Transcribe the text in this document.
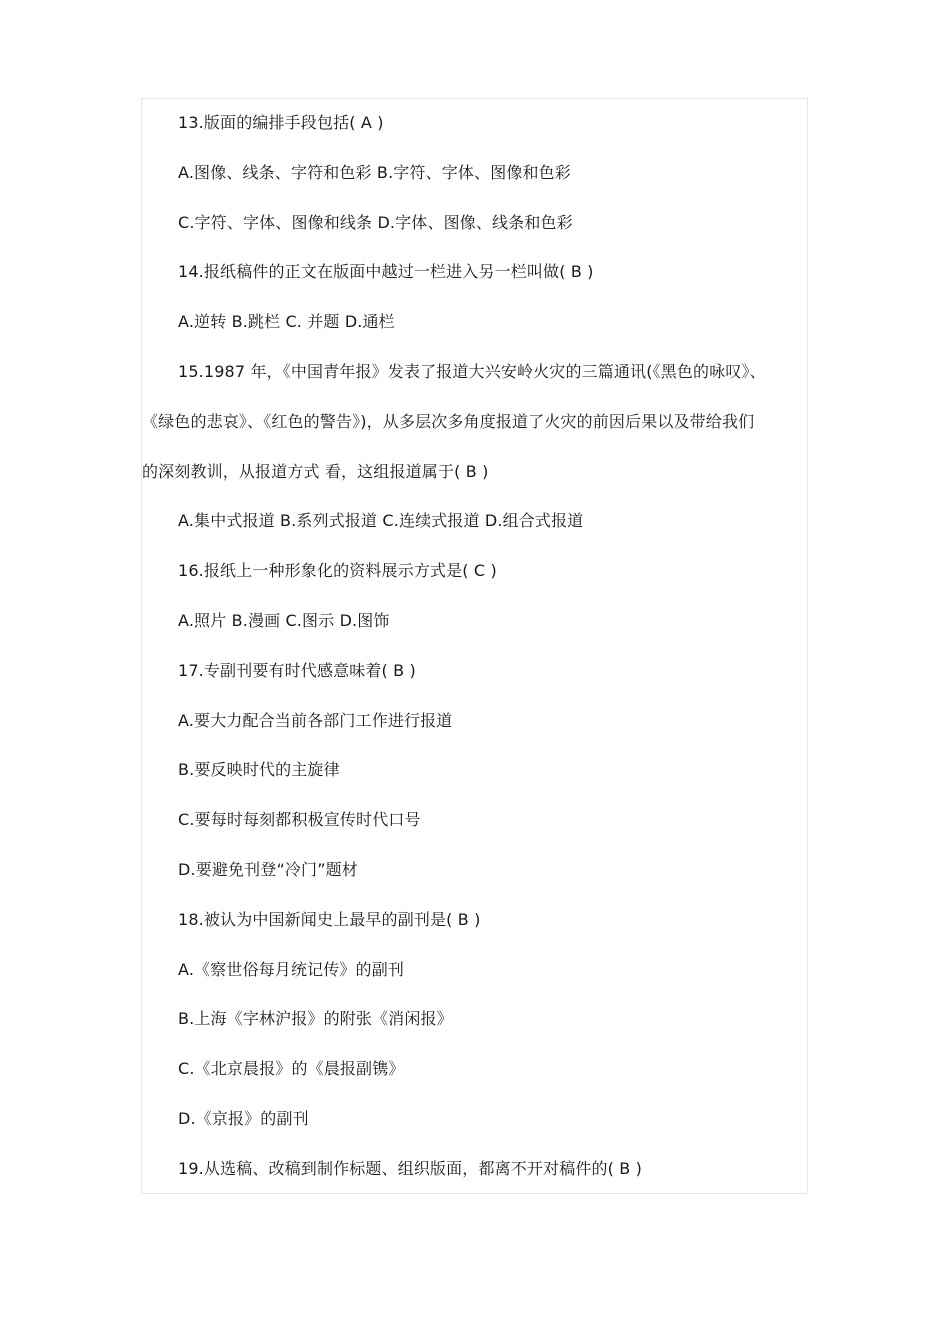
13.版面的编排手段包括( A )
A.图像、线条、字符和色彩 B.字符、字体、图像和色彩
C.字符、字体、图像和线条 D.字体、图像、线条和色彩
14.报纸稿件的正文在版面中越过一栏进入另一栏叫做( B )
A.逆转 B.跳栏 C. 并题 D.通栏
15.1987 年，《中国青年报》发表了报道大兴安岭火灾的三篇通讯(《黑色的咏叹》、
《绿色的悲哀》、《红色的警告》)，从多层次多角度报道了火灾的前因后果以及带给我们
的深刻教训，从报道方式 看，这组报道属于( B )
A.集中式报道 B.系列式报道 C.连续式报道 D.组合式报道
16.报纸上一种形象化的资料展示方式是( C )
A.照片 B.漫画 C.图示 D.图饰
17.专副刊要有时代感意味着( B )
A.要大力配合当前各部门工作进行报道
B.要反映时代的主旋律
C.要每时每刻都积极宣传时代口号
D.要避免刊登“冷门”题材
18.被认为中国新闻史上最早的副刊是( B )
A.《察世俗每月统记传》的副刊
B.上海《字林沪报》的附张《消闲报》
C.《北京晨报》的《晨报副镌》
D.《京报》的副刊
19.从选稿、改稿到制作标题、组织版面，都离不开对稿件的( B )
